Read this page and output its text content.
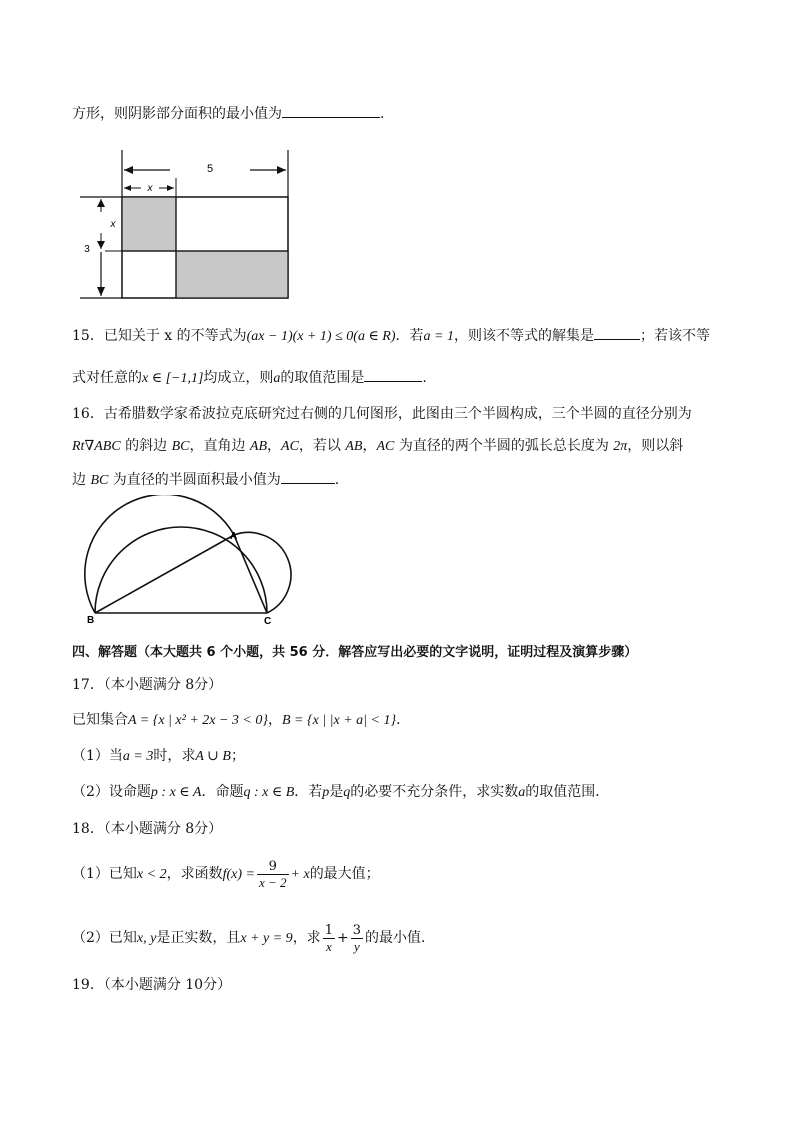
方形，则阴影部分面积的最小值为	.
5
x
x
3
15．已知关于 x 的不等式为(ax − 1)(x + 1) ≤ 0(a ∈ R)．若a = 1，则该不等式的解集是	；若该不等
式对任意的x ∈ [−1,1]均成立，则a的取值范围是	.
16．古希腊数学家希波拉克底研究过右侧的几何图形，此图由三个半圆构成，三个半圆的直径分别为
Rt∇ABC 的斜边 BC，直角边 AB，AC，若以 AB，AC 为直径的两个半圆的弧长总长度为 2π，则以斜
边 BC 为直径的半圆面积最小值为	.
A
B	C
四、解答题（本大题共 6 个小题，共 56 分．解答应写出必要的文字说明，证明过程及演算步骤）
17．（本小题满分 8分）
已知集合A = {x | x² + 2x − 3 < 0}，B = {x | |x + a| < 1}．
（1）当a = 3时，求A ∪ B；
（2）设命题p : x ∈ A．命题q : x ∈ B．若p是q的必要不充分条件，求实数a的取值范围．
18．（本小题满分 8分）
（1）已知x < 2，求函数$f(x) = \frac{9}{x - 2} + x$的最大值；
（2）已知x, y是正实数，且x + y = 9，求 $\frac{1}{x} + \frac{3}{y}$ 的最小值．
19．（本小题满分 10分）
